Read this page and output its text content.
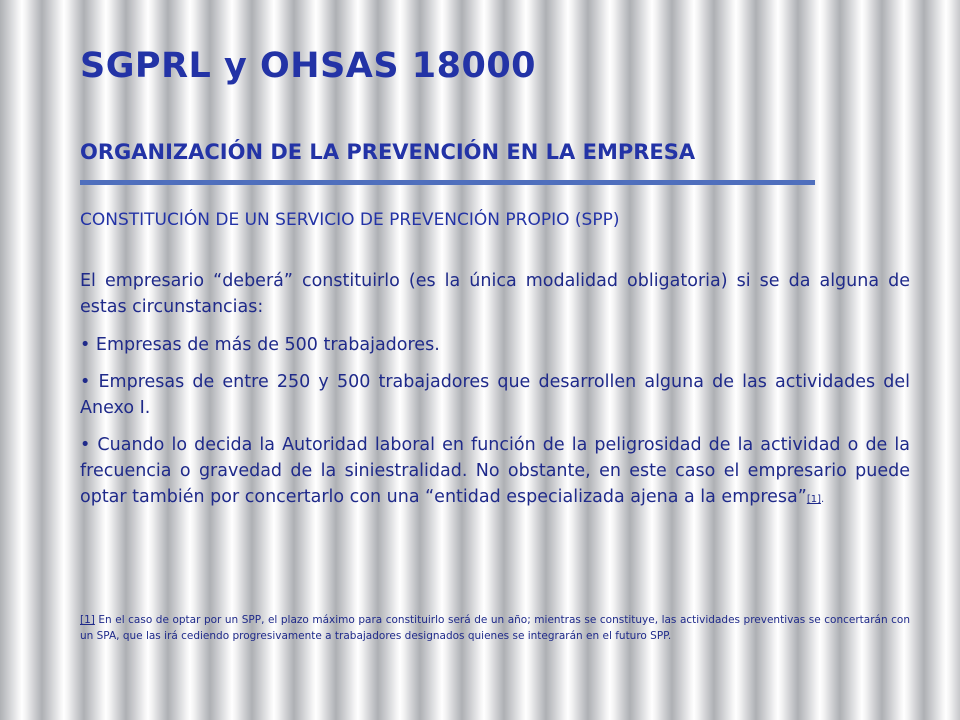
SGPRL y OHSAS 18000
ORGANIZACIÓN DE LA PREVENCIÓN EN LA EMPRESA
CONSTITUCIÓN DE UN SERVICIO DE PREVENCIÓN PROPIO (SPP)

El empresario “deberá” constituirlo (es la única modalidad obligatoria) si se da alguna de estas circunstancias:

• Empresas de más de 500 trabajadores.

• Empresas de entre 250 y 500 trabajadores que desarrollen alguna de las actividades del Anexo I.

• Cuando lo decida la Autoridad laboral en función de la peligrosidad de la actividad o de la frecuencia o gravedad de la siniestralidad. No obstante, en este caso el empresario puede optar también por concertarlo con una “entidad especializada ajena a la empresa”[1].

[1] En el caso de optar por un SPP, el plazo máximo para constituirlo será de un año; mientras se constituye, las actividades preventivas se concertarán con un SPA, que las irá cediendo progresivamente a trabajadores designados quienes se integrarán en el futuro SPP.
